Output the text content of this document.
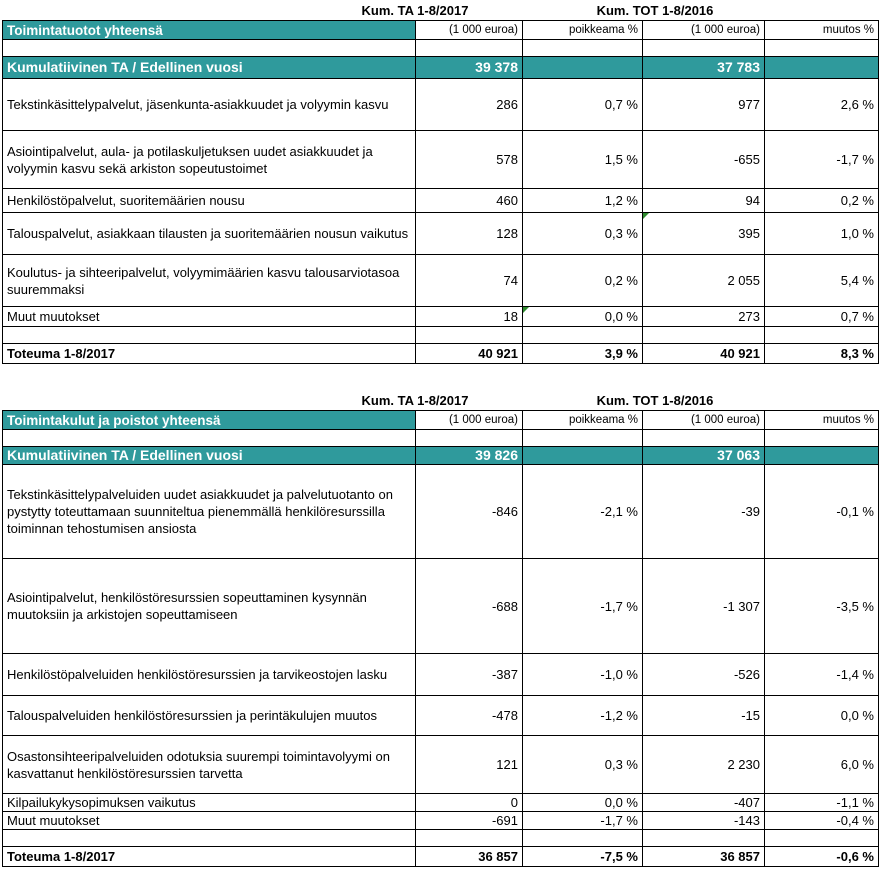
Kum. TA 1-8/2017	Kum. TOT 1-8/2016
Toimintatuotot yhteensä	(1 000 euroa)	poikkeama %	(1 000 euroa)	muutos %

Kumulatiivinen TA / Edellinen vuosi	39 378		37 783	
Tekstinkäsittelypalvelut, jäsenkunta-asiakkuudet ja volyymin kasvu	286	0,7 %	977	2,6 %
Asiointipalvelut, aula- ja potilaskuljetuksen uudet asiakkuudet ja volyymin kasvu sekä arkiston sopeutustoimet	578	1,5 %	-655	-1,7 %
Henkilöstöpalvelut, suoritemäärien nousu	460	1,2 %	94	0,2 %
Talouspalvelut, asiakkaan tilausten ja suoritemäärien nousun vaikutus	128	0,3 %	395	1,0 %
Koulutus- ja sihteeripalvelut, volyymimäärien kasvu talousarviotasoa suuremmaksi	74	0,2 %	2 055	5,4 %
Muut muutokset	18	0,0 %	273	0,7 %

Toteuma 1-8/2017	40 921	3,9 %	40 921	8,3 %
Kum. TA 1-8/2017	Kum. TOT 1-8/2016
Toimintakulut ja poistot yhteensä	(1 000 euroa)	poikkeama %	(1 000 euroa)	muutos %

Kumulatiivinen TA / Edellinen vuosi	39 826		37 063	
Tekstinkäsittelypalveluiden uudet asiakkuudet ja palvelutuotanto on pystytty toteuttamaan suunniteltua pienemmällä henkilöresurssilla toiminnan tehostumisen ansiosta	-846	-2,1 %	-39	-0,1 %
Asiointipalvelut, henkilöstöresurssien sopeuttaminen kysynnän muutoksiin ja arkistojen sopeuttamiseen	-688	-1,7 %	-1 307	-3,5 %
Henkilöstöpalveluiden henkilöstöresurssien ja tarvikeostojen lasku	-387	-1,0 %	-526	-1,4 %
Talouspalveluiden henkilöstöresurssien ja perintäkulujen muutos	-478	-1,2 %	-15	0,0 %
Osastonsihteeripalveluiden odotuksia suurempi toimintavolyymi on kasvattanut henkilöstöresurssien tarvetta	121	0,3 %	2 230	6,0 %
Kilpailukykysopimuksen vaikutus	0	0,0 %	-407	-1,1 %
Muut muutokset	-691	-1,7 %	-143	-0,4 %

Toteuma 1-8/2017	36 857	-7,5 %	36 857	-0,6 %
